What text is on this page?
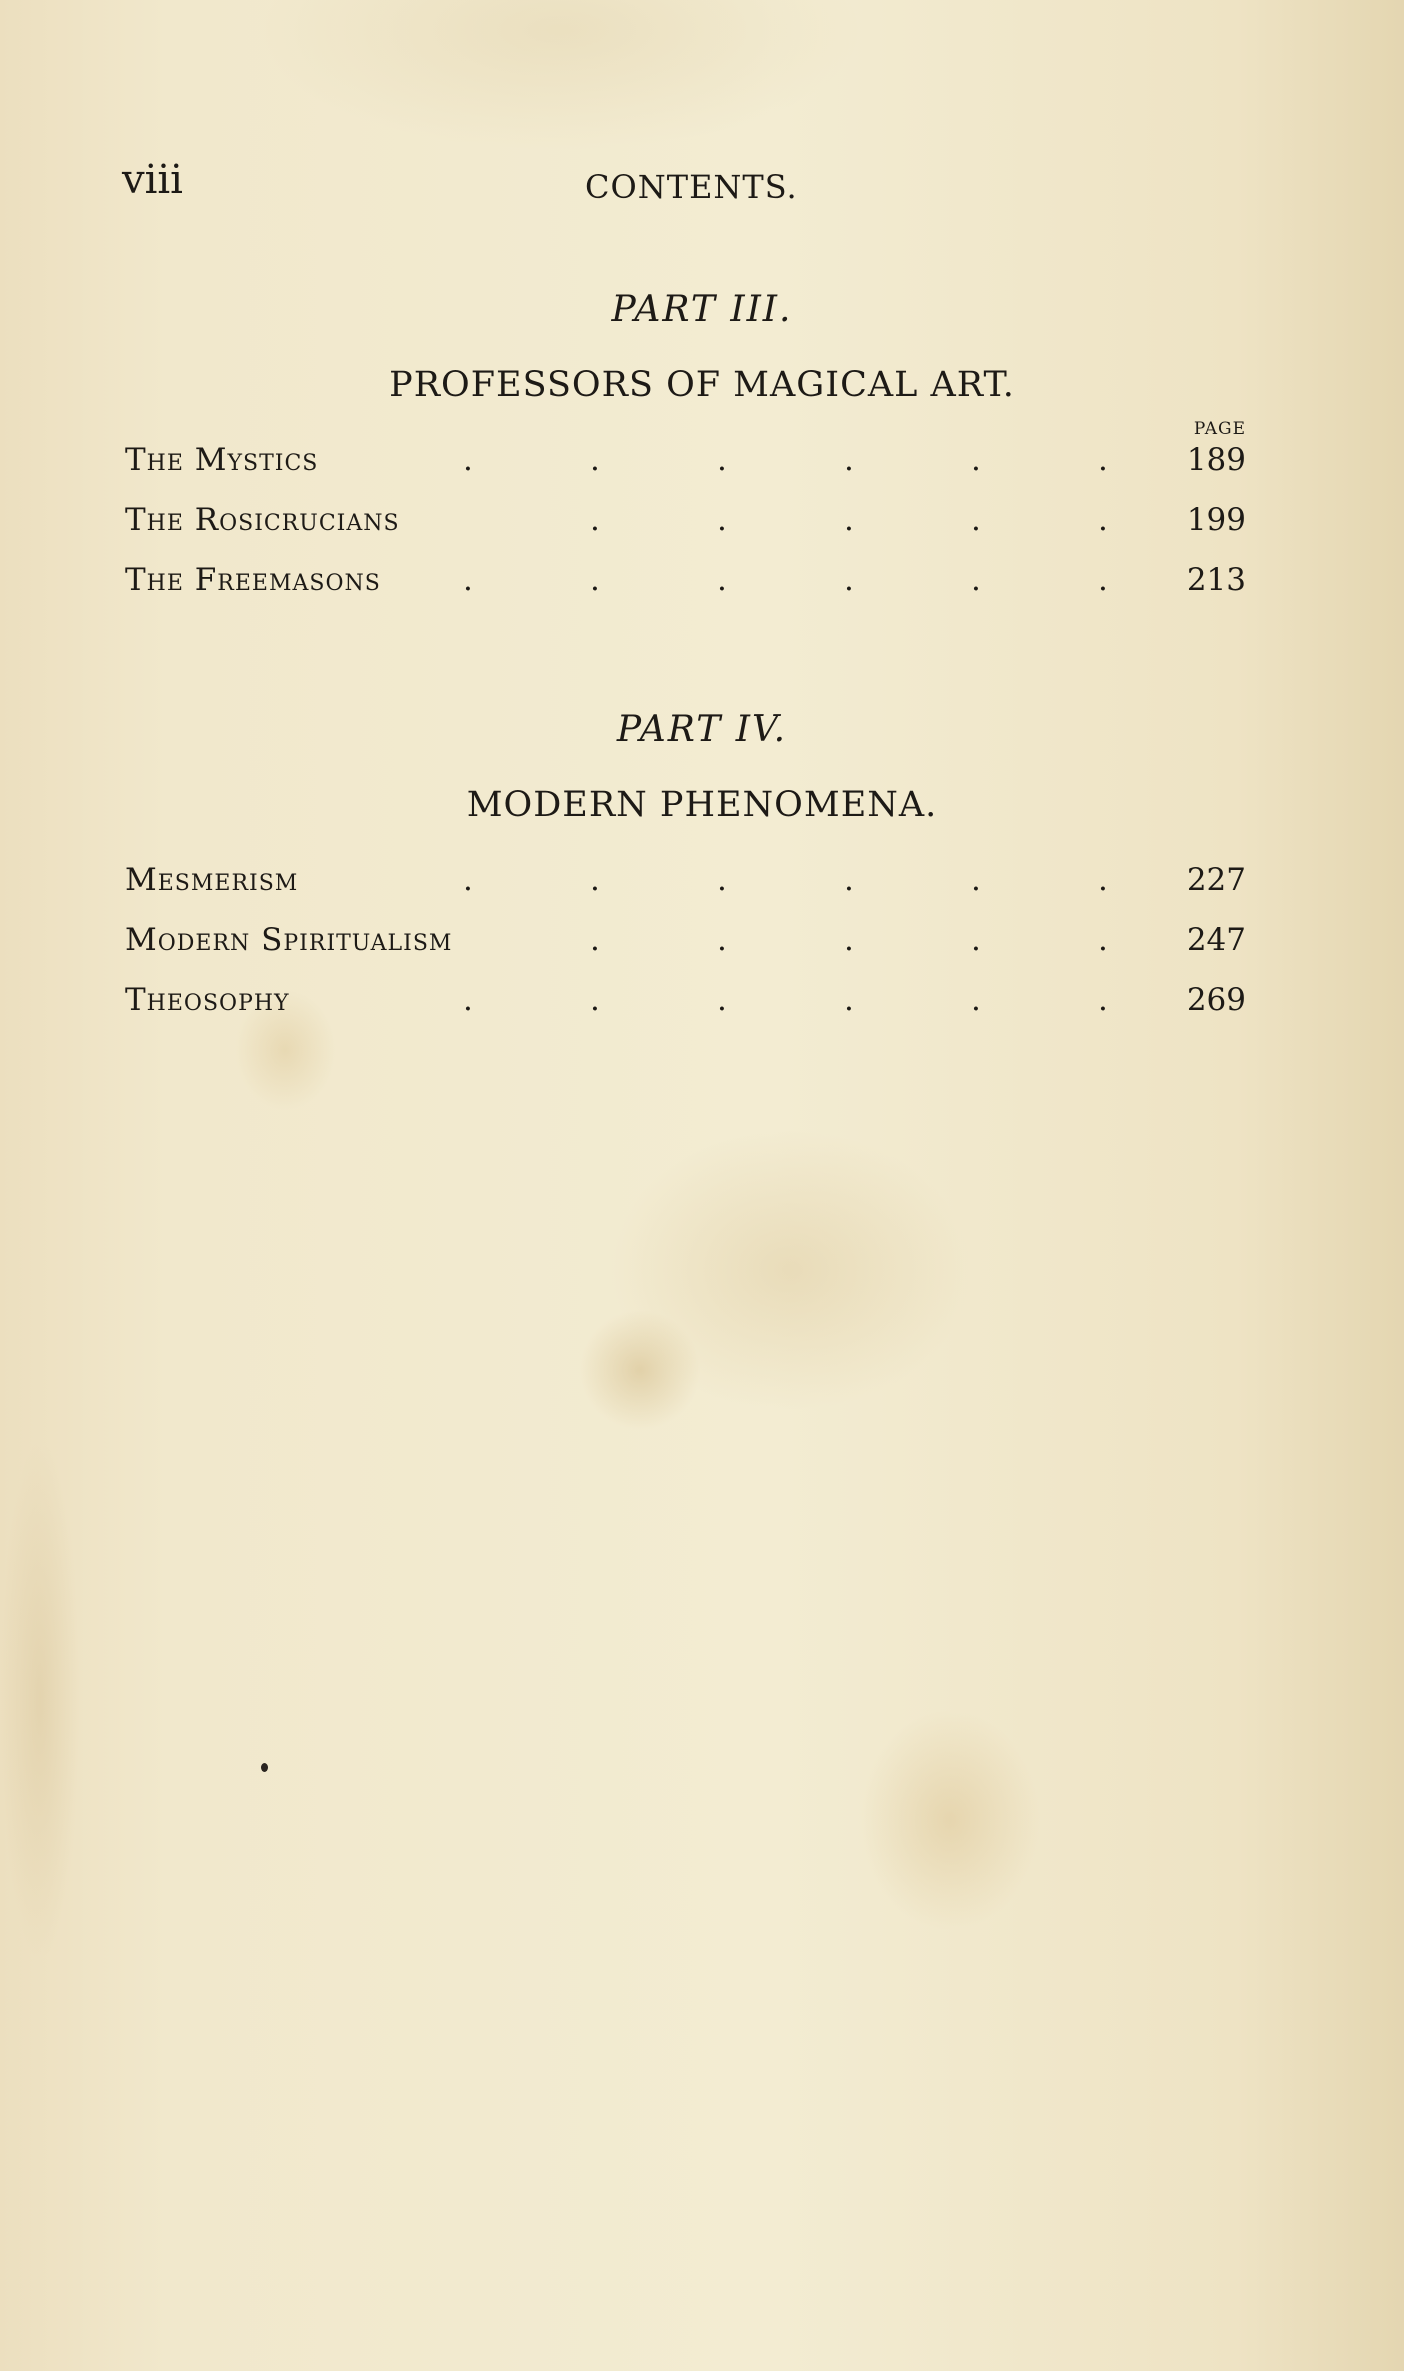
viii	CONTENTS.
PART III.
PROFESSORS OF MAGICAL ART.
PAGE
The Mystics	.	.	.	.	.	.	189
The Rosicrucians	.	.	.	.	.	199
The Freemasons	.	.	.	.	.	.	213
PART IV.
MODERN PHENOMENA.
Mesmerism	.	.	.	.	.	.	227
Modern Spiritualism	.	.	.	.	.	247
Theosophy	.	.	.	.	.	.	269
